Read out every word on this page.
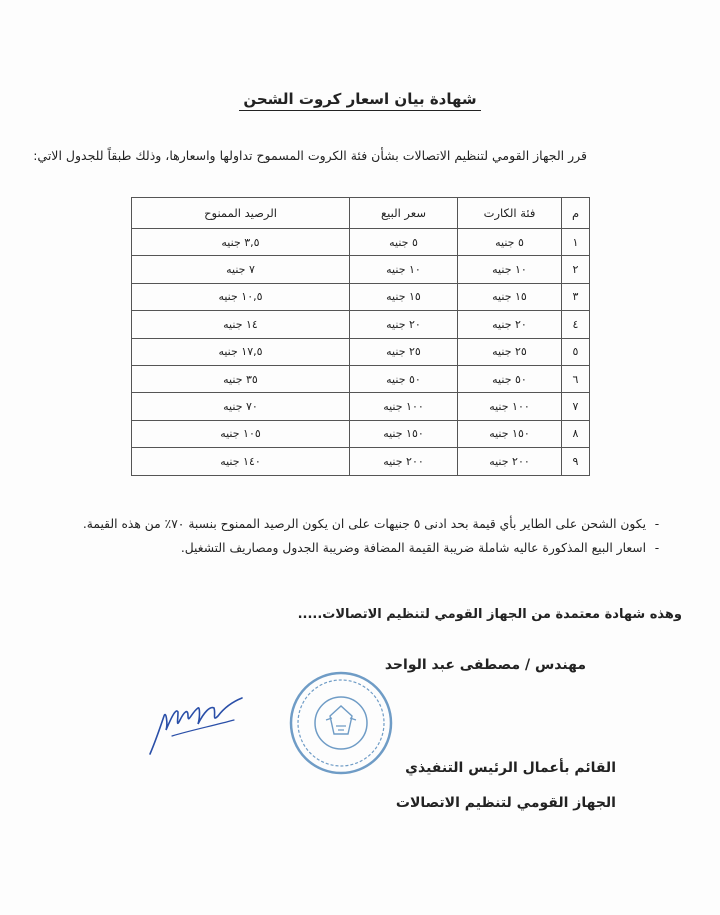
شهادة بيان اسعار كروت الشحن
قرر الجهاز القومي لتنظيم الاتصالات بشأن فئة الكروت المسموح تداولها واسعارها، وذلك طبقاً للجدول الاتي:
م	فئة الكارت	سعر البيع	الرصيد الممنوح
١	٥ جنيه	٥ جنيه	٣,٥ جنيه
٢	١٠ جنيه	١٠ جنيه	٧ جنيه
٣	١٥ جنيه	١٥ جنيه	١٠,٥ جنيه
٤	٢٠ جنيه	٢٠ جنيه	١٤ جنيه
٥	٢٥ جنيه	٢٥ جنيه	١٧,٥ جنيه
٦	٥٠ جنيه	٥٠ جنيه	٣٥ جنيه
٧	١٠٠ جنيه	١٠٠ جنيه	٧٠ جنيه
٨	١٥٠ جنيه	١٥٠ جنيه	١٠٥ جنيه
٩	٢٠٠ جنيه	٢٠٠ جنيه	١٤٠ جنيه
-يكون الشحن على الطاير بأي قيمة بحد ادنى ٥ جنيهات على ان يكون الرصيد الممنوح بنسبة ٧٠٪ من هذه القيمة.
-اسعار البيع المذكورة عاليه شاملة ضريبة القيمة المضافة وضريبة الجدول ومصاريف التشغيل.
وهذه شهادة معتمدة من الجهاز القومي لتنظيم الاتصالات.....
مهندس / مصطفى عبد الواحد
القائم بأعمال الرئيس التنفيذي
الجهاز القومي لتنظيم الاتصالات
